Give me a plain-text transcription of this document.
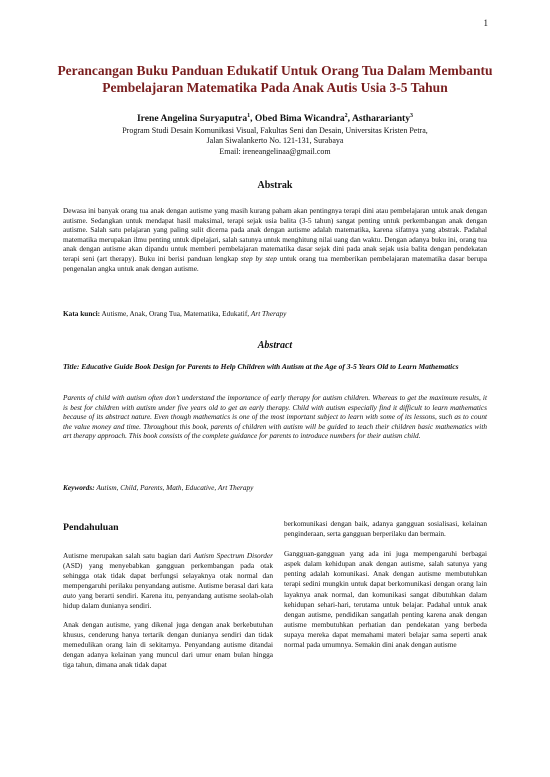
1
Perancangan Buku Panduan Edukatif Untuk Orang Tua Dalam Membantu
Pembelajaran Matematika Pada Anak Autis Usia 3-5 Tahun
Irene Angelina Suryaputra$^1$, Obed Bima Wicandra$^2$, Asthararianty$^3$
Program Studi Desain Komunikasi Visual, Fakultas Seni dan Desain, Universitas Kristen Petra,
Jalan Siwalankerto No. 121-131, Surabaya
Email: ireneangelinaa@gmail.com
Abstrak
Dewasa ini banyak orang tua anak dengan autisme yang masih kurang paham akan pentingnya terapi dini atau pembelajaran untuk anak dengan autisme. Sedangkan untuk mendapat hasil maksimal, terapi sejak usia balita (3-5 tahun) sangat penting untuk perkembangan anak dengan autisme. Salah satu pelajaran yang paling sulit dicerna pada anak dengan autisme adalah matematika, karena sifatnya yang abstrak. Padahal matematika merupakan ilmu penting untuk dipelajari, salah satunya untuk menghitung nilai uang dan waktu. Dengan adanya buku ini, orang tua anak dengan autisme akan dipandu untuk memberi pembelajaran matematika dasar sejak dini pada anak sejak usia balita dengan pendekatan terapi seni (art therapy). Buku ini berisi panduan lengkap step by step untuk orang tua memberikan pembelajaran matematika dasar berupa pengenalan angka untuk anak dengan autisme.
Kata kunci: Autisme, Anak, Orang Tua, Matematika, Edukatif, Art Therapy
Abstract
Title: Educative Guide Book Design for Parents to Help Children with Autism at the Age of 3-5 Years Old to Learn Mathematics
Parents of child with autism often don’t understand the importance of early therapy for autism children. Whereas to get the maximum results, it is best for children with autism under five years old to get an early therapy. Child with autism especially find it difficult to learn mathematics because of its abstract nature. Even though mathematics is one of the most important subject to learn with some of its lessons, such as to count the value money and time. Throughout this book, parents of children with autism will be guided to teach their children basic mathematics with art therapy approach. This book consists of the complete guidance for parents to introduce numbers for their autism child.
Keywords: Autism, Child, Parents, Math, Educative, Art Therapy
Pendahuluan

Autisme merupakan salah satu bagian dari Autism Spectrum Disorder (ASD) yang menyebabkan gangguan perkembangan pada otak sehingga otak tidak dapat berfungsi selayaknya otak normal dan mempengaruhi perilaku penyandang autisme. Autisme berasal dari kata auto yang berarti sendiri. Karena itu, penyandang autisme seolah-olah hidup dalam dunianya sendiri.

Anak dengan autisme, yang dikenal juga dengan anak berkebutuhan khusus, cenderung hanya tertarik dengan dunianya sendiri dan tidak memedulikan orang lain di sekitarnya. Penyandang autisme ditandai dengan adanya kelainan yang muncul dari umur enam bulan hingga tiga tahun, dimana anak tidak dapat

berkomunikasi dengan baik, adanya gangguan sosialisasi, kelainan penginderaan, serta gangguan berperilaku dan bermain.

Gangguan-gangguan yang ada ini juga mempengaruhi berbagai aspek dalam kehidupan anak dengan autisme, salah satunya yang penting adalah komunikasi. Anak dengan autisme membutuhkan terapi sedini mungkin untuk dapat berkomunikasi dengan orang lain layaknya anak normal, dan komunikasi sangat dibutuhkan dalam kehidupan sehari-hari, terutama untuk belajar. Padahal untuk anak dengan autisme, pendidikan sangatlah penting karena anak dengan autisme membutuhkan perhatian dan pendekatan yang berbeda supaya mereka dapat memahami materi belajar sama seperti anak normal pada umumnya. Semakin dini anak dengan autisme
